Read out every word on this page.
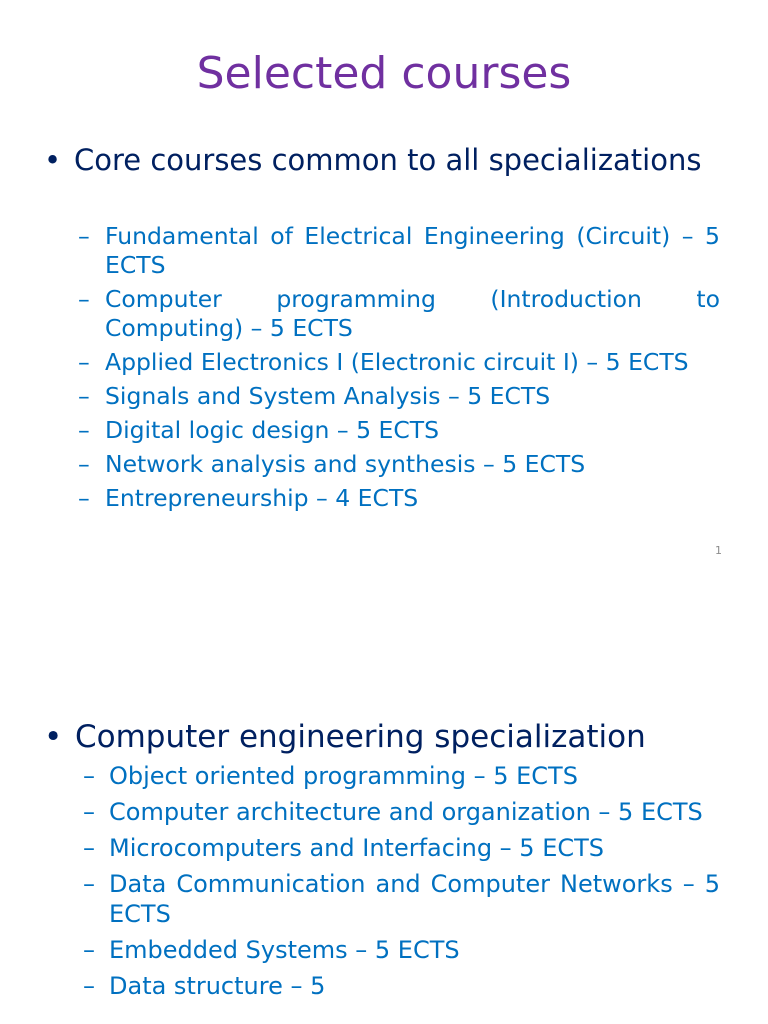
Selected courses
• Core courses common to all specializations
– Fundamental of Electrical Engineering (Circuit) – 5 ECTS
– Computer programming (Introduction to Computing) – 5 ECTS
– Applied Electronics I (Electronic circuit I) – 5 ECTS
– Signals and System Analysis – 5 ECTS
– Digital logic design – 5 ECTS
– Network analysis and synthesis – 5 ECTS
– Entrepreneurship – 4 ECTS
1
• Computer engineering specialization
– Object oriented programming – 5 ECTS
– Computer architecture and organization – 5 ECTS
– Microcomputers and Interfacing – 5 ECTS
– Data Communication and Computer Networks – 5 ECTS
– Embedded Systems – 5 ECTS
– Data structure – 5
